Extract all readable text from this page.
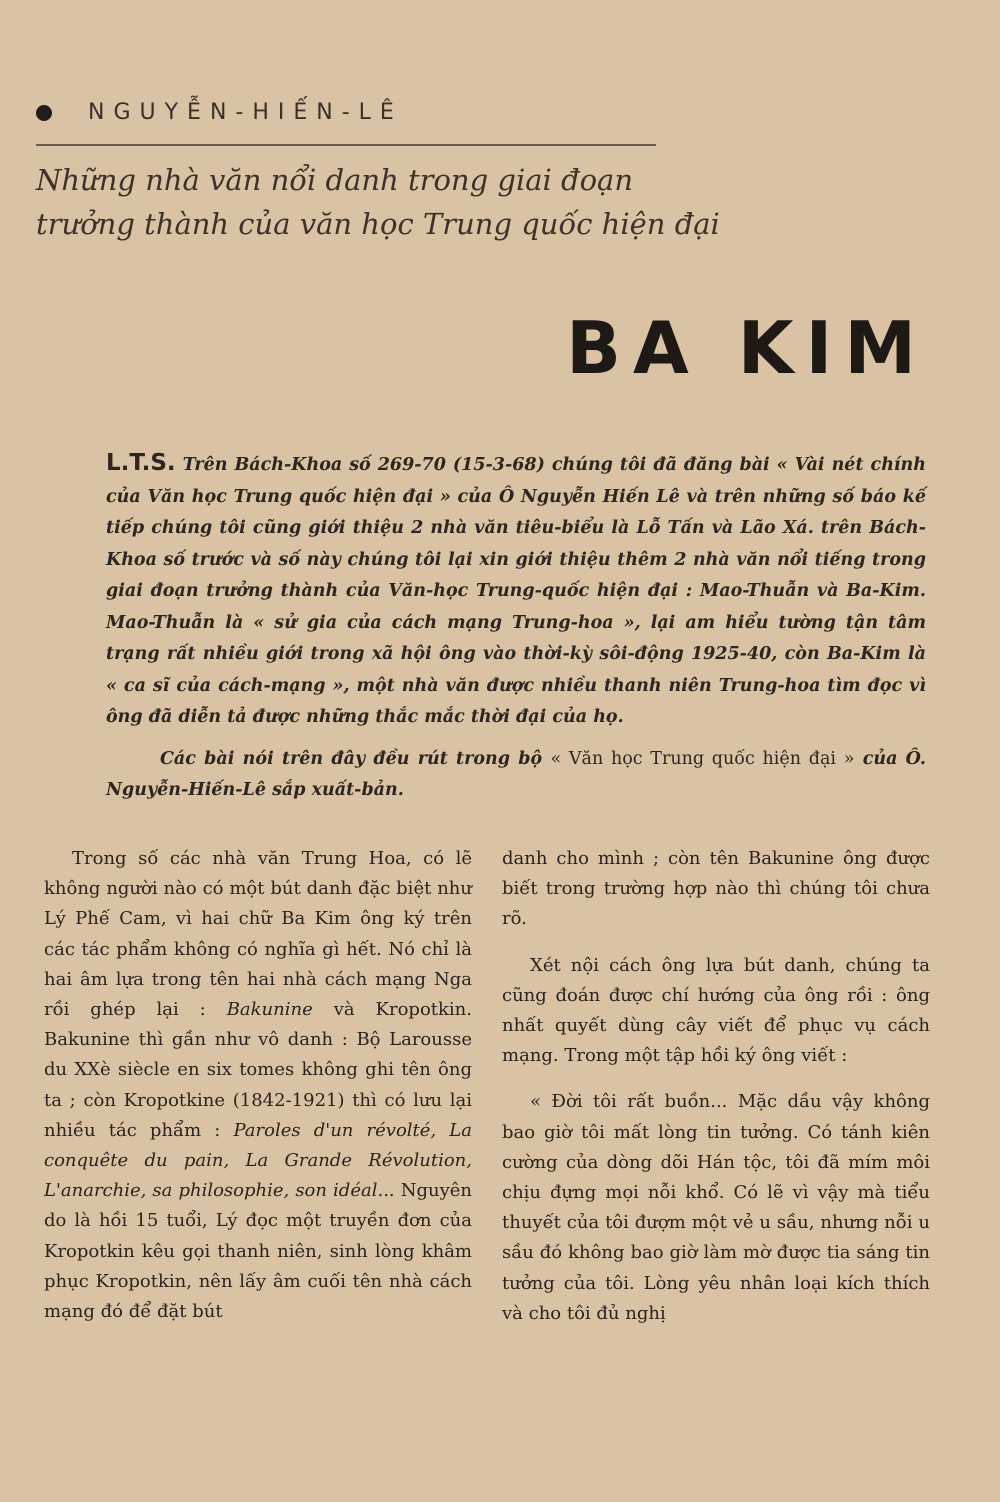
NGUYỄN-HIẾN-LÊ
Những nhà văn nổi danh trong giai đoạn
trưởng thành của văn học Trung quốc hiện đại
BA KIM

L.T.S. Trên Bách-Khoa số 269-70 (15-3-68) chúng tôi đã đăng bài « Vài nét chính của Văn học Trung quốc hiện đại » của Ô Nguyễn Hiến Lê và trên những số báo kế tiếp chúng tôi cũng giới thiệu 2 nhà văn tiêu-biểu là Lỗ Tấn và Lão Xá. trên Bách-Khoa số trước và số này chúng tôi lại xin giới thiệu thêm 2 nhà văn nổi tiếng trong giai đoạn trưởng thành của Văn-học Trung-quốc hiện đại : Mao-Thuẫn và Ba-Kim. Mao-Thuẫn là « sử gia của cách mạng Trung-hoa », lại am hiểu tường tận tâm trạng rất nhiều giới trong xã hội ông vào thời-kỳ sôi-động 1925-40, còn Ba-Kim là « ca sĩ của cách-mạng », một nhà văn được nhiều thanh niên Trung-hoa tìm đọc vì ông đã diễn tả được những thắc mắc thời đại của họ.

Các bài nói trên đây đều rút trong bộ « Văn học Trung quốc hiện đại » của Ô. Nguyễn-Hiến-Lê sắp xuất-bản.

Trong số các nhà văn Trung Hoa, có lẽ không người nào có một bút danh đặc biệt như Lý Phế Cam, vì hai chữ Ba Kim ông ký trên các tác phẩm không có nghĩa gì hết. Nó chỉ là hai âm lựa trong tên hai nhà cách mạng Nga rồi ghép lại : Bakunine và Kropotkin. Bakunine thì gần như vô danh : Bộ Larousse du XXè siècle en six tomes không ghi tên ông ta ; còn Kropotkine (1842-1921) thì có lưu lại nhiều tác phẩm : Paroles d'un révolté, La conquête du pain, La Grande Révolution, L'anarchie, sa philosophie, son idéal... Nguyên do là hồi 15 tuổi, Lý đọc một truyền đơn của Kropotkin kêu gọi thanh niên, sinh lòng khâm phục Kropotkin, nên lấy âm cuối tên nhà cách mạng đó để đặt bút

danh cho mình ; còn tên Bakunine ông được biết trong trường hợp nào thì chúng tôi chưa rõ.

Xét nội cách ông lựa bút danh, chúng ta cũng đoán được chí hướng của ông rồi : ông nhất quyết dùng cây viết để phục vụ cách mạng. Trong một tập hồi ký ông viết :

« Đời tôi rất buồn... Mặc dầu vậy không bao giờ tôi mất lòng tin tưởng. Có tánh kiên cường của dòng dõi Hán tộc, tôi đã mím môi chịu đựng mọi nỗi khổ. Có lẽ vì vậy mà tiểu thuyết của tôi đượm một vẻ u sầu, nhưng nỗi u sầu đó không bao giờ làm mờ được tia sáng tin tưởng của tôi. Lòng yêu nhân loại kích thích và cho tôi đủ nghị
